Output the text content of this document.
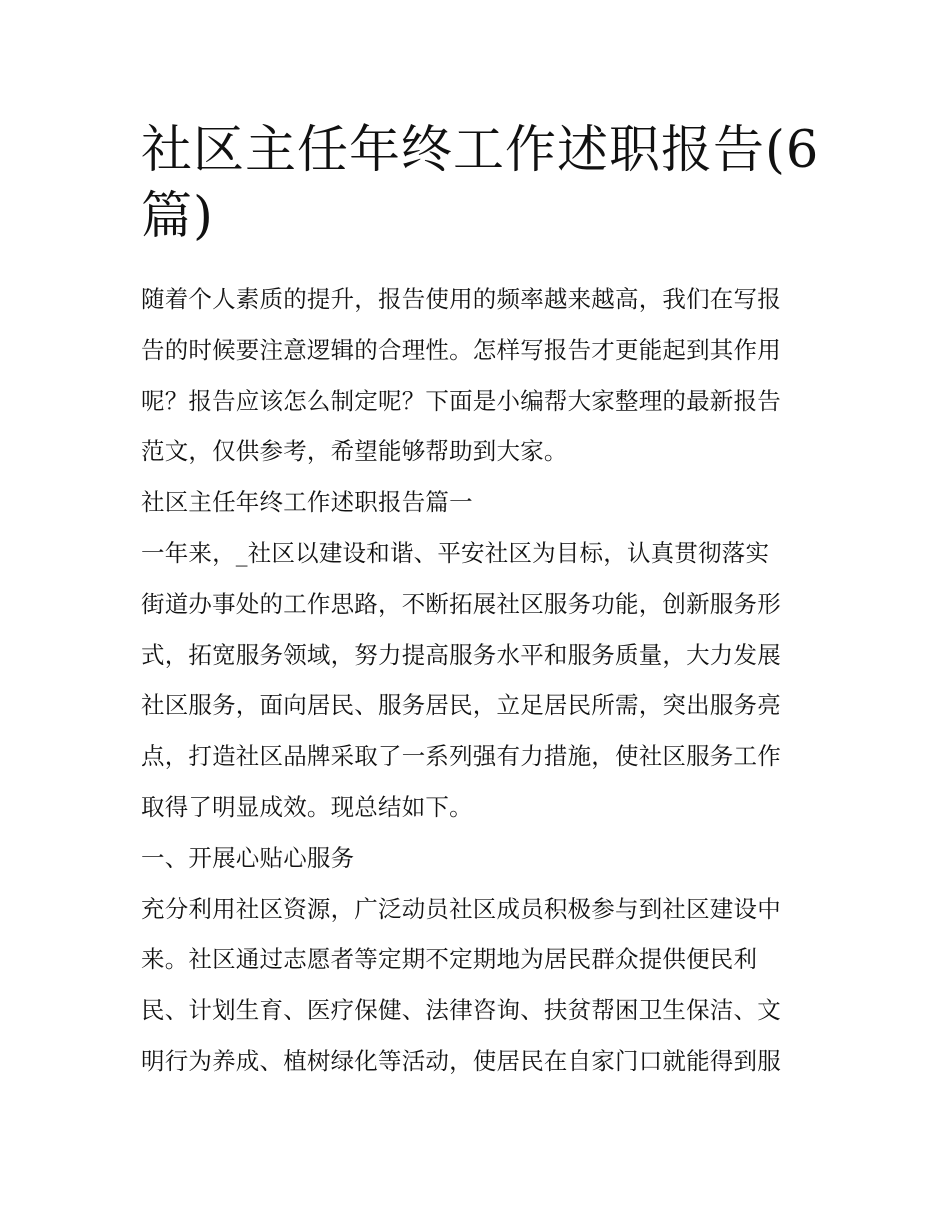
社区主任年终工作述职报告(6
篇)

随着个人素质的提升，报告使用的频率越来越高，我们在写报
告的时候要注意逻辑的合理性。怎样写报告才更能起到其作用
呢？报告应该怎么制定呢？下面是小编帮大家整理的最新报告
范文，仅供参考，希望能够帮助到大家。

社区主任年终工作述职报告篇一

一年来，_社区以建设和谐、平安社区为目标，认真贯彻落实
街道办事处的工作思路，不断拓展社区服务功能，创新服务形
式，拓宽服务领域，努力提高服务水平和服务质量，大力发展
社区服务，面向居民、服务居民，立足居民所需，突出服务亮
点，打造社区品牌采取了一系列强有力措施，使社区服务工作
取得了明显成效。现总结如下。

一、开展心贴心服务

充分利用社区资源，广泛动员社区成员积极参与到社区建设中
来。社区通过志愿者等定期不定期地为居民群众提供便民利
民、计划生育、医疗保健、法律咨询、扶贫帮困卫生保洁、文
明行为养成、植树绿化等活动，使居民在自家门口就能得到服
